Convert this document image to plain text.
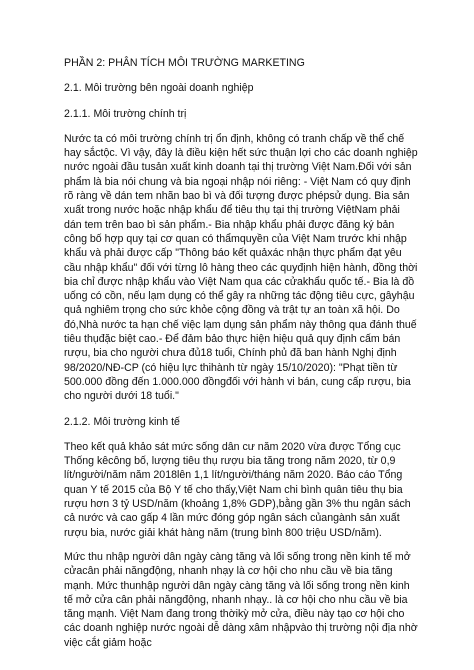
PHẦN 2: PHÂN TÍCH MÔI TRƯỜNG MARKETING
2.1. Môi trường bên ngoài doanh nghiệp
2.1.1. Môi trường chính trị
Nước ta có môi trường chính trị ổn định, không có tranh chấp về thể chế hay sắctộc. Vì vậy, đây là điều kiện hết sức thuận lợi cho các doanh nghiệp nước ngoài đầu tusản xuất kinh doanh tại thị trường Việt Nam.Đối với sản phẩm là bia nói chung và bia ngoại nhập nói riêng: - Việt Nam có quy định rõ ràng về dán tem nhãn bao bì và đối tượng được phépsử dụng. Bia sản xuất trong nước hoặc nhập khẩu để tiêu thụ tại thị trường ViệtNam phải dán tem trên bao bì sản phẩm.- Bia nhập khẩu phải được đăng ký bản công bố hợp quy tại cơ quan có thẩmquyền của Việt Nam trước khi nhập khẩu và phải được cấp "Thông báo kết quảxác nhận thực phẩm đạt yêu cầu nhập khẩu" đối với từng lô hàng theo các quyđịnh hiện hành, đồng thời bia chỉ được nhập khẩu vào Việt Nam qua các cửakhẩu quốc tế.- Bia là đồ uống có cồn, nếu lạm dụng có thể gây ra những tác động tiêu cực, gâyhậu quả nghiêm trọng cho sức khỏe cộng đồng và trật tự an toàn xã hội. Do đó,Nhà nước ta hạn chế việc lạm dụng sản phẩm này thông qua đánh thuế tiêu thụđặc biệt cao.- Để đảm bảo thực hiện hiệu quả quy định cấm bán rượu, bia cho người chưa đủ18 tuổi, Chính phủ đã ban hành Nghị định 98/2020/NĐ-CP (có hiệu lực thihành từ ngày 15/10/2020): "Phạt tiền từ 500.000 đồng đến 1.000.000 đồngđối với hành vi bán, cung cấp rượu, bia cho người dưới 18 tuổi."
2.1.2. Môi trường kinh tế
Theo kết quả khảo sát mức sống dân cư năm 2020 vừa được Tổng cục Thống kêcông bố, lượng tiêu thụ rượu bia tăng trong năm 2020, từ 0,9 lít/người/năm năm 2018lên 1,1 lít/người/tháng năm 2020. Báo cáo Tổng quan Y tế 2015 của Bộ Y tế cho thấy,Việt Nam chi bình quân tiêu thụ bia rượu hơn 3 tỷ USD/năm (khoảng 1,8% GDP),bằng gần 3% thu ngân sách cả nước và cao gấp 4 lần mức đóng góp ngân sách củangành sản xuất rượu bia, nước giải khát hàng năm (trung bình 800 triệu USD/năm).
Mức thu nhập người dân ngày càng tăng và lối sống trong nền kinh tế mở cửacân phải năngđộng, nhanh nhạy là cơ hội cho nhu cầu về bia tăng mạnh. Mức thunhập người dân ngày càng tăng và lối sống trong nền kinh tế mở cửa cân phải năngđộng, nhanh nhạy.. là cơ hội cho nhu cầu về bia tăng mạnh. Việt Nam đang trong thờikỳ mở cửa, điều này tạo cơ hội cho các doanh nghiệp nước ngoài dễ dàng xâm nhậpvào thị trường nội địa nhờ việc cắt giảm hoặc
